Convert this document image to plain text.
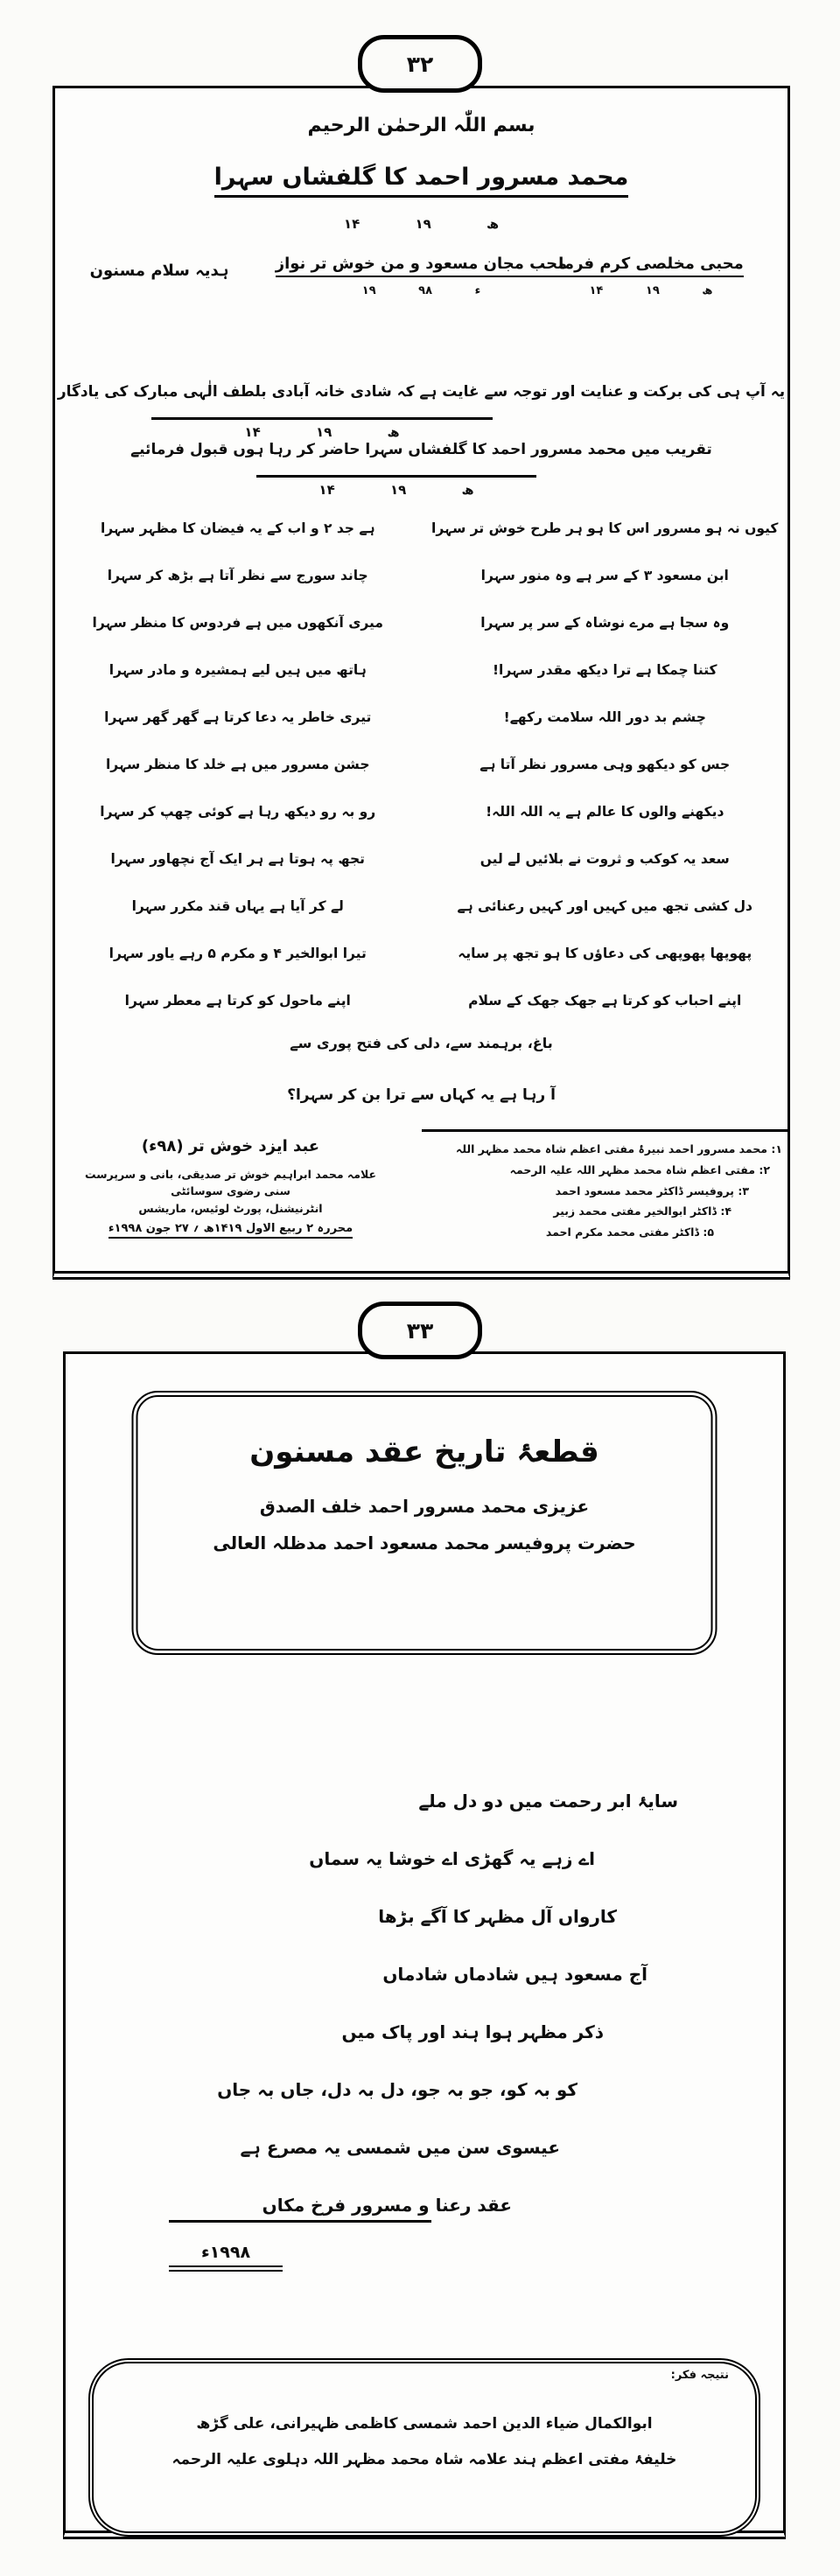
٣٢
بسم اللّٰہ الرحمٰن الرحیم
محمد مسرور احمد کا گلفشاں سہرا
۱۴ ھ ۱۹
محبی مخلصی کرم فرما
۱۴ ھ ۱۹
محب مجان مسعود و من خوش تر نواز
۱۹ ء ۹۸
ہدیہ سلام مسنون
یہ آپ ہی کی برکت و عنایت اور توجہ سے غایت ہے کہ شادی خانہ آبادی بلطف الٰہی مبارک کی یادگار
۱۴ ھ ۱۹
تقریب میں محمد مسرور احمد کا گلفشاں سہرا حاضر کر رہا ہوں قبول فرمائیے
۱۴ ھ ۱۹
کیوں نہ ہو مسرور اس کا ہو ہر طرح خوش تر سہرا
ہے جد ۲ و اب کے یہ فیضان کا مظہر سہرا
ابن مسعود ۳ کے سر ہے وہ منور سہرا
چاند سورج سے نظر آتا ہے بڑھ کر سہرا
وہ سجا ہے مرے نوشاہ کے سر پر سہرا
میری آنکھوں میں ہے فردوس کا منظر سہرا
کتنا چمکا ہے ترا دیکھ مقدر سہرا!
ہاتھ میں ہیں لیے ہمشیرہ و مادر سہرا
چشم بد دور اللہ سلامت رکھے!
تیری خاطر یہ دعا کرتا ہے گھر گھر سہرا
جس کو دیکھو وہی مسرور نظر آتا ہے
جشن مسرور میں ہے خلد کا منظر سہرا
دیکھنے والوں کا عالم ہے یہ اللہ اللہ!
رو بہ رو دیکھ رہا ہے کوئی چھپ کر سہرا
سعد یہ کوکب و ثروت نے بلائیں لے لیں
تجھ پہ ہوتا ہے ہر ایک آج نچھاور سہرا
دل کشی تجھ میں کہیں اور کہیں رعنائی ہے
لے کر آیا ہے یہاں قند مکرر سہرا
پھوپھا پھوپھی کی دعاؤں کا ہو تجھ پر سایہ
تیرا ابوالخیر ۴ و مکرم ۵ رہے یاور سہرا
اپنے احباب کو کرتا ہے جھک جھک کے سلام
اپنے ماحول کو کرتا ہے معطر سہرا
باغ، برہمند سے، دلی کی فتح پوری سے
آ رہا ہے یہ کہاں سے ترا بن کر سہرا؟
۱: محمد مسرور احمد نبیرۂ مفتی اعظم شاہ محمد مظہر اللہ
۲: مفتی اعظم شاہ محمد مظہر اللہ علیہ الرحمہ
۳: پروفیسر ڈاکٹر محمد مسعود احمد
۴: ڈاکٹر ابوالخیر مفتی محمد زبیر
۵: ڈاکٹر مفتی محمد مکرم احمد
عبد ایزد خوش تر (۹۸ء)
علامہ محمد ابراہیم خوش تر صدیقی، بانی و سرپرست
سنی رضوی سوسائٹی
انٹرنیشنل، پورٹ لوئیس، ماریشس
محررہ ۲ ربیع الاول ۱۴۱۹ھ ؍ ۲۷ جون ۱۹۹۸ء
٣٣
قطعۂ تاریخ عقد مسنون
عزیزی محمد مسرور احمد خلف الصدق
حضرت پروفیسر محمد مسعود احمد مدظلہ العالی
سایۂ ابر رحمت میں دو دل ملے
اے زہے یہ گھڑی اے خوشا یہ سماں
کارواں آل مظہر کا آگے بڑھا
آج مسعود ہیں شادماں شادماں
ذکر مظہر ہوا ہند اور پاک میں
کو بہ کو، جو بہ جو، دل بہ دل، جاں بہ جاں
عیسوی سن میں شمسی یہ مصرع ہے
عقد رعنا و مسرور فرخ مکاں
۱۹۹۸ء
نتیجہ فکر:
ابوالکمال ضیاء الدین احمد شمسی کاظمی ظہیرانی، علی گڑھ
خلیفۂ مفتی اعظم ہند علامہ شاہ محمد مظہر اللہ دہلوی علیہ الرحمہ
